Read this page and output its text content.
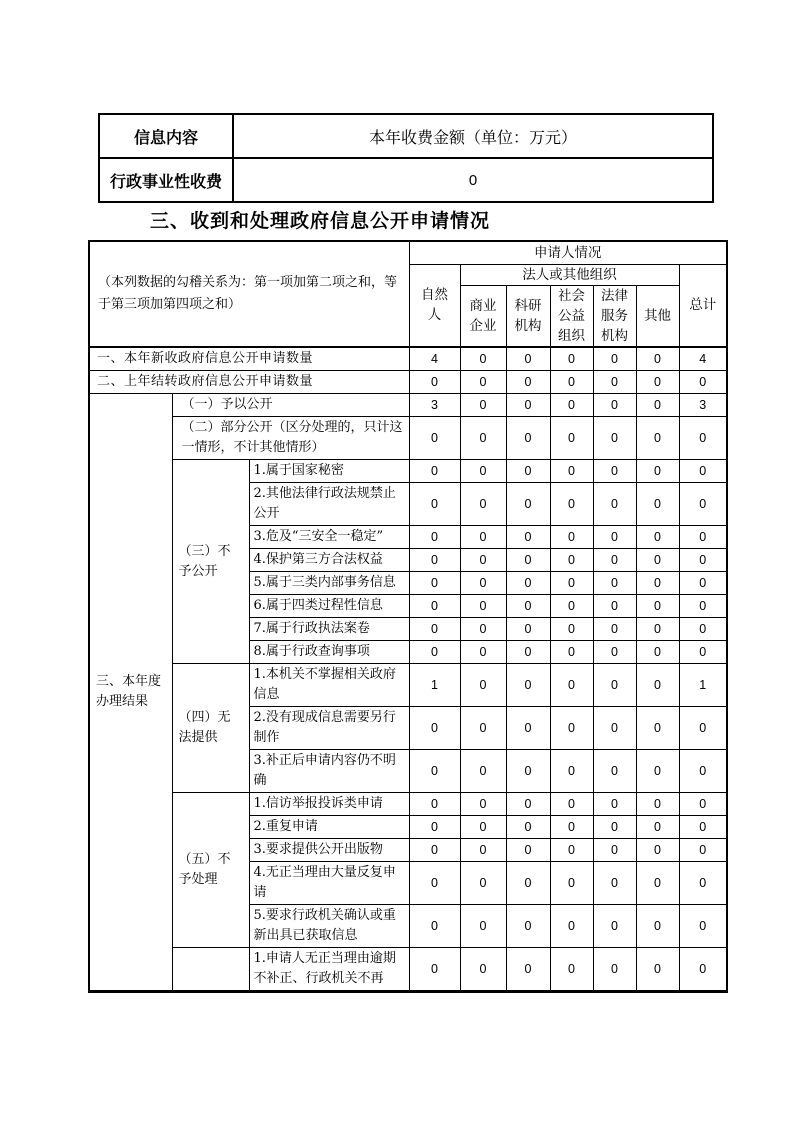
信息内容	本年收费金额（单位：万元）
行政事业性收费	0
三、收到和处理政府信息公开申请情况
（本列数据的勾稽关系为：第一项加第二项之和，等于第三项加第四项之和）			申请人情况						
			自然人	法人或其他组织					总计
				商业企业	科研机构	社会公益组织	法律服务机构	其他	
一、本年新收政府信息公开申请数量			4	0	0	0	0	0	4
二、上年结转政府信息公开申请数量			0	0	0	0	0	0	0
三、本年度办理结果	（一）予以公开		3	0	0	0	0	0	3
	（二）部分公开（区分处理的，只计这一情形，不计其他情形）		0	0	0	0	0	0	0
	（三）不予公开	1.属于国家秘密	0	0	0	0	0	0	0
		2.其他法律行政法规禁止公开	0	0	0	0	0	0	0
		3.危及“三安全一稳定”	0	0	0	0	0	0	0
		4.保护第三方合法权益	0	0	0	0	0	0	0
		5.属于三类内部事务信息	0	0	0	0	0	0	0
		6.属于四类过程性信息	0	0	0	0	0	0	0
		7.属于行政执法案卷	0	0	0	0	0	0	0
		8.属于行政查询事项	0	0	0	0	0	0	0
	（四）无法提供	1.本机关不掌握相关政府信息	1	0	0	0	0	0	1
		2.没有现成信息需要另行制作	0	0	0	0	0	0	0
		3.补正后申请内容仍不明确	0	0	0	0	0	0	0
	（五）不予处理	1.信访举报投诉类申请	0	0	0	0	0	0	0
		2.重复申请	0	0	0	0	0	0	0
		3.要求提供公开出版物	0	0	0	0	0	0	0
		4.无正当理由大量反复申请	0	0	0	0	0	0	0
		5.要求行政机关确认或重新出具已获取信息	0	0	0	0	0	0	0
		1.申请人无正当理由逾期不补正、行政机关不再	0	0	0	0	0	0	0
